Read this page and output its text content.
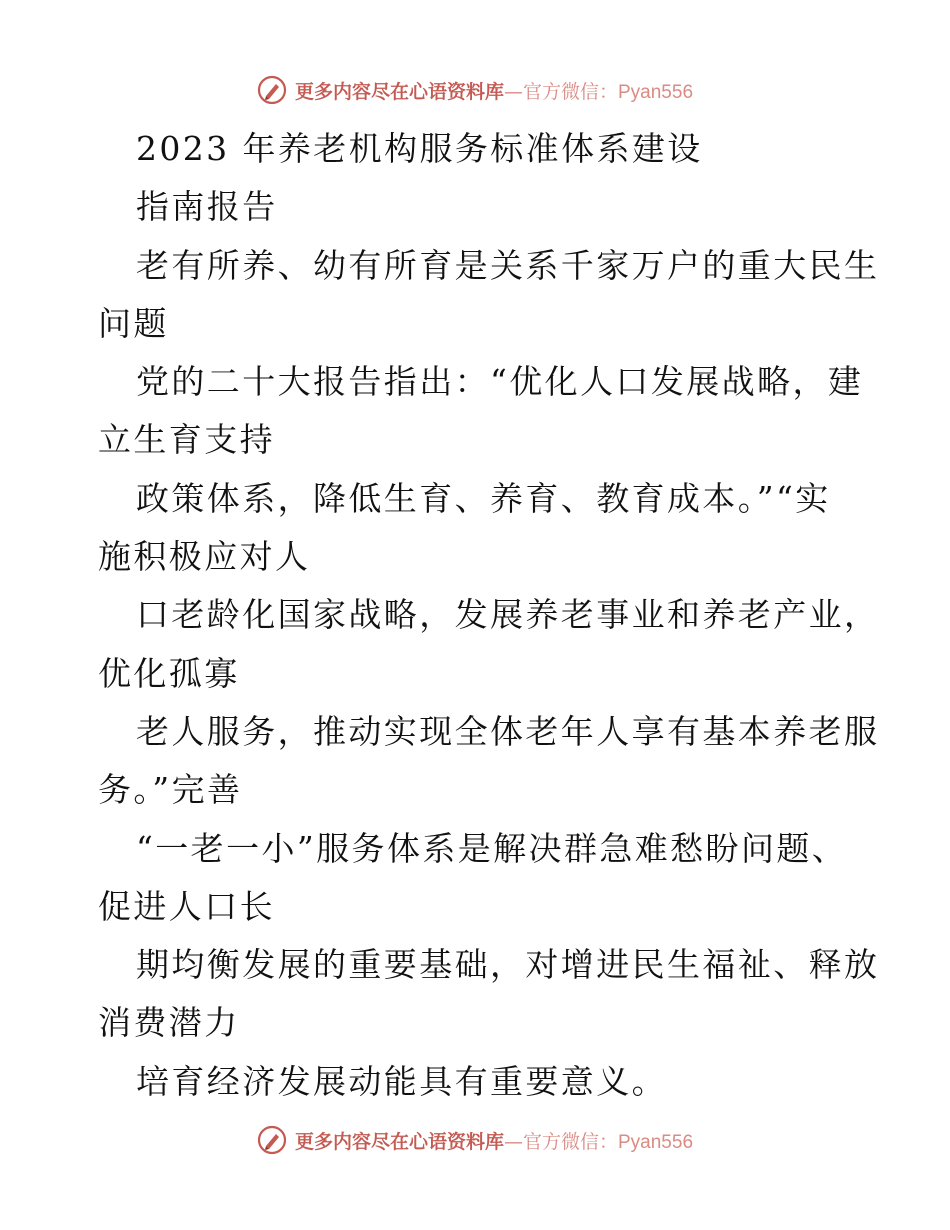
更多内容尽在心语资料库—官方微信：Pyan556
2023 年养老机构服务标准体系建设
指南报告
老有所养、幼有所育是关系千家万户的重大民生
问题
党的二十大报告指出：“优化人口发展战略，建
立生育支持
政策体系，降低生育、养育、教育成本。”“实
施积极应对人
口老龄化国家战略，发展养老事业和养老产业，
优化孤寡
老人服务，推动实现全体老年人享有基本养老服
务。”完善
“一老一小”服务体系是解决群急难愁盼问题、
促进人口长
期均衡发展的重要基础，对增进民生福祉、释放
消费潜力
培育经济发展动能具有重要意义。
更多内容尽在心语资料库—官方微信：Pyan556
